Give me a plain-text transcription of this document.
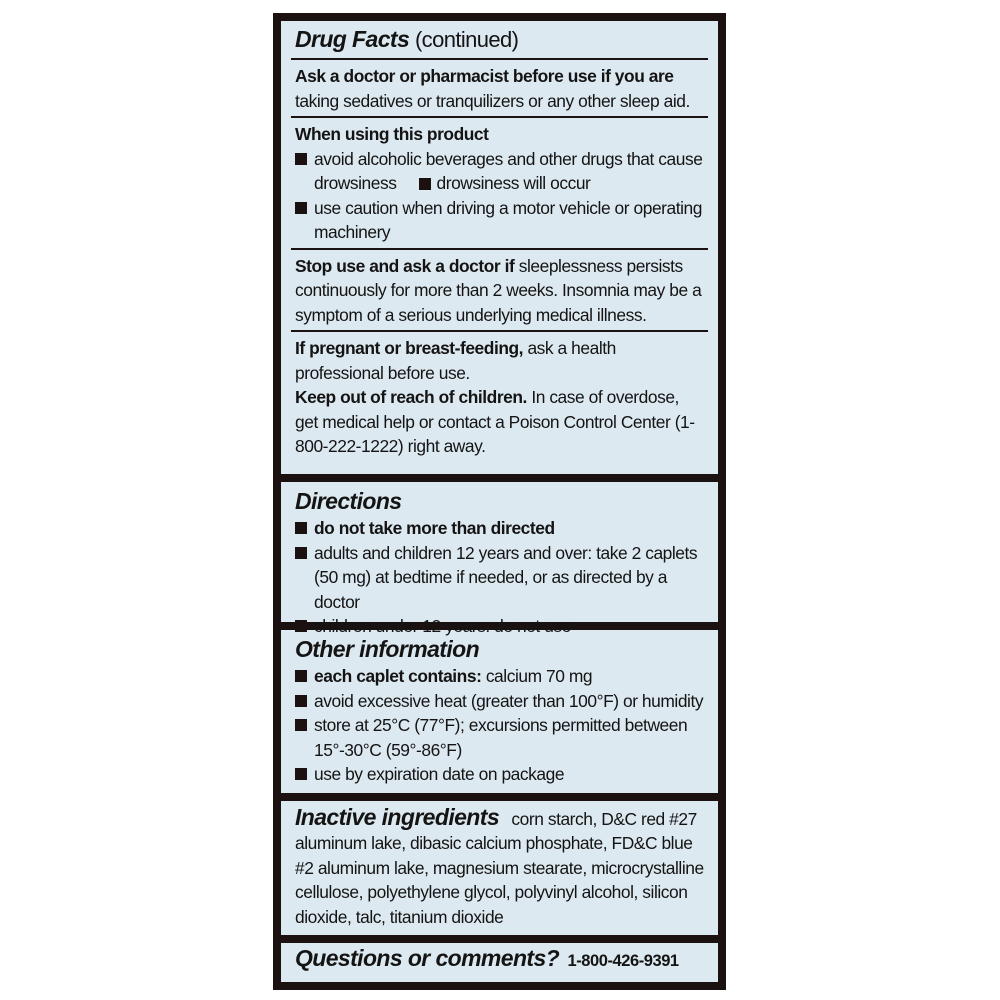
Drug Facts (continued)
Ask a doctor or pharmacist before use if you are taking sedatives or tranquilizers or any other sleep aid.
When using this product
avoid alcoholic beverages and other drugs that cause drowsiness drowsiness will occur
use caution when driving a motor vehicle or operating machinery
Stop use and ask a doctor if sleeplessness persists continuously for more than 2 weeks. Insomnia may be a symptom of a serious underlying medical illness.
If pregnant or breast-feeding, ask a health professional before use.
Keep out of reach of children. In case of overdose, get medical help or contact a Poison Control Center (1-800-222-1222) right away.
Directions
do not take more than directed
adults and children 12 years and over: take 2 caplets (50 mg) at bedtime if needed, or as directed by a doctor
children under 12 years: do not use
Other information
each caplet contains: calcium 70 mg
avoid excessive heat (greater than 100°F) or humidity
store at 25°C (77°F); excursions permitted between 15°-30°C (59°-86°F)
use by expiration date on package
Inactive ingredients corn starch, D&C red #27 aluminum lake, dibasic calcium phosphate, FD&C blue #2 aluminum lake, magnesium stearate, microcrystalline cellulose, polyethylene glycol, polyvinyl alcohol, silicon dioxide, talc, titanium dioxide
Questions or comments? 1-800-426-9391
